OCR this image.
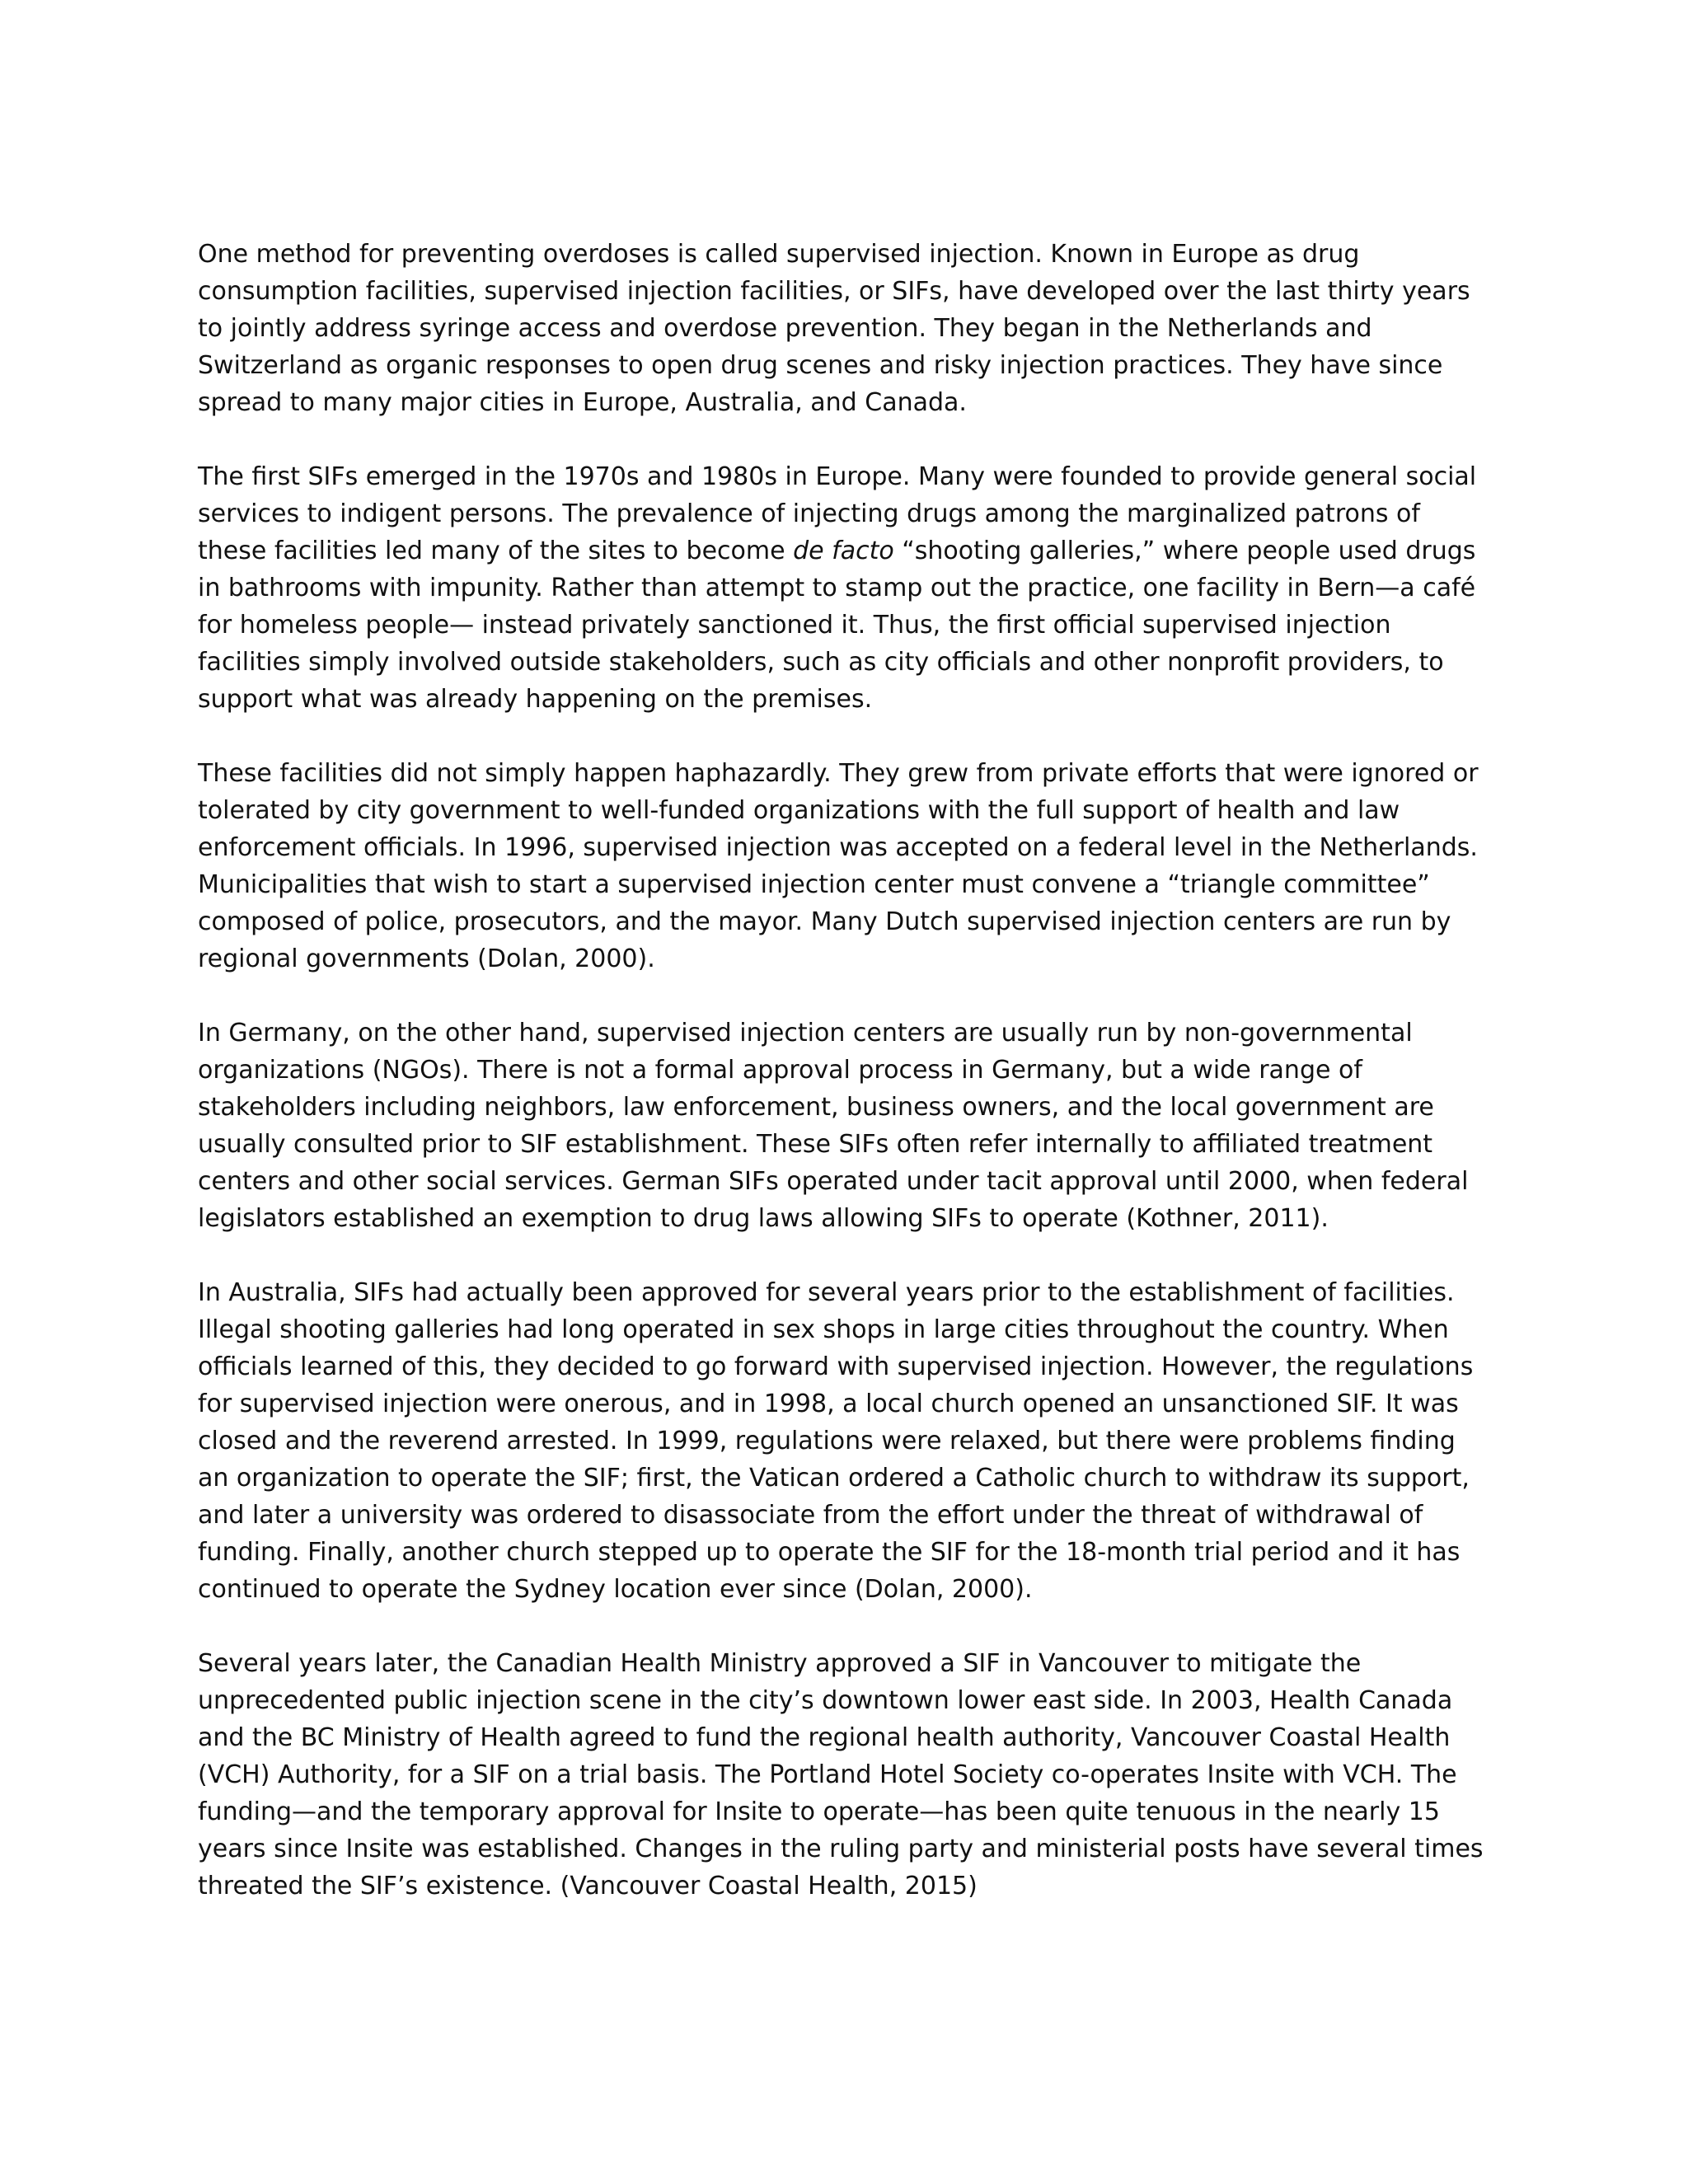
One method for preventing overdoses is called supervised injection. Known in Europe as drug consumption facilities, supervised injection facilities, or SIFs, have developed over the last thirty years to jointly address syringe access and overdose prevention. They began in the Netherlands and Switzerland as organic responses to open drug scenes and risky injection practices. They have since spread to many major cities in Europe, Australia, and Canada.

The first SIFs emerged in the 1970s and 1980s in Europe. Many were founded to provide general social services to indigent persons. The prevalence of injecting drugs among the marginalized patrons of these facilities led many of the sites to become de facto “shooting galleries,” where people used drugs in bathrooms with impunity. Rather than attempt to stamp out the practice, one facility in Bern—a café for homeless people— instead privately sanctioned it. Thus, the first official supervised injection facilities simply involved outside stakeholders, such as city officials and other nonprofit providers, to support what was already happening on the premises.

These facilities did not simply happen haphazardly. They grew from private efforts that were ignored or tolerated by city government to well-funded organizations with the full support of health and law enforcement officials. In 1996, supervised injection was accepted on a federal level in the Netherlands. Municipalities that wish to start a supervised injection center must convene a “triangle committee” composed of police, prosecutors, and the mayor. Many Dutch supervised injection centers are run by regional governments (Dolan, 2000).

In Germany, on the other hand, supervised injection centers are usually run by non-governmental organizations (NGOs). There is not a formal approval process in Germany, but a wide range of stakeholders including neighbors, law enforcement, business owners, and the local government are usually consulted prior to SIF establishment. These SIFs often refer internally to affiliated treatment centers and other social services. German SIFs operated under tacit approval until 2000, when federal legislators established an exemption to drug laws allowing SIFs to operate (Kothner, 2011).

In Australia, SIFs had actually been approved for several years prior to the establishment of facilities. Illegal shooting galleries had long operated in sex shops in large cities throughout the country. When officials learned of this, they decided to go forward with supervised injection. However, the regulations for supervised injection were onerous, and in 1998, a local church opened an unsanctioned SIF. It was closed and the reverend arrested. In 1999, regulations were relaxed, but there were problems finding an organization to operate the SIF; first, the Vatican ordered a Catholic church to withdraw its support, and later a university was ordered to disassociate from the effort under the threat of withdrawal of funding. Finally, another church stepped up to operate the SIF for the 18-month trial period and it has continued to operate the Sydney location ever since (Dolan, 2000).

Several years later, the Canadian Health Ministry approved a SIF in Vancouver to mitigate the unprecedented public injection scene in the city’s downtown lower east side. In 2003, Health Canada and the BC Ministry of Health agreed to fund the regional health authority, Vancouver Coastal Health (VCH) Authority, for a SIF on a trial basis. The Portland Hotel Society co-operates Insite with VCH. The funding—and the temporary approval for Insite to operate—has been quite tenuous in the nearly 15 years since Insite was established. Changes in the ruling party and ministerial posts have several times threated the SIF’s existence. (Vancouver Coastal Health, 2015)
